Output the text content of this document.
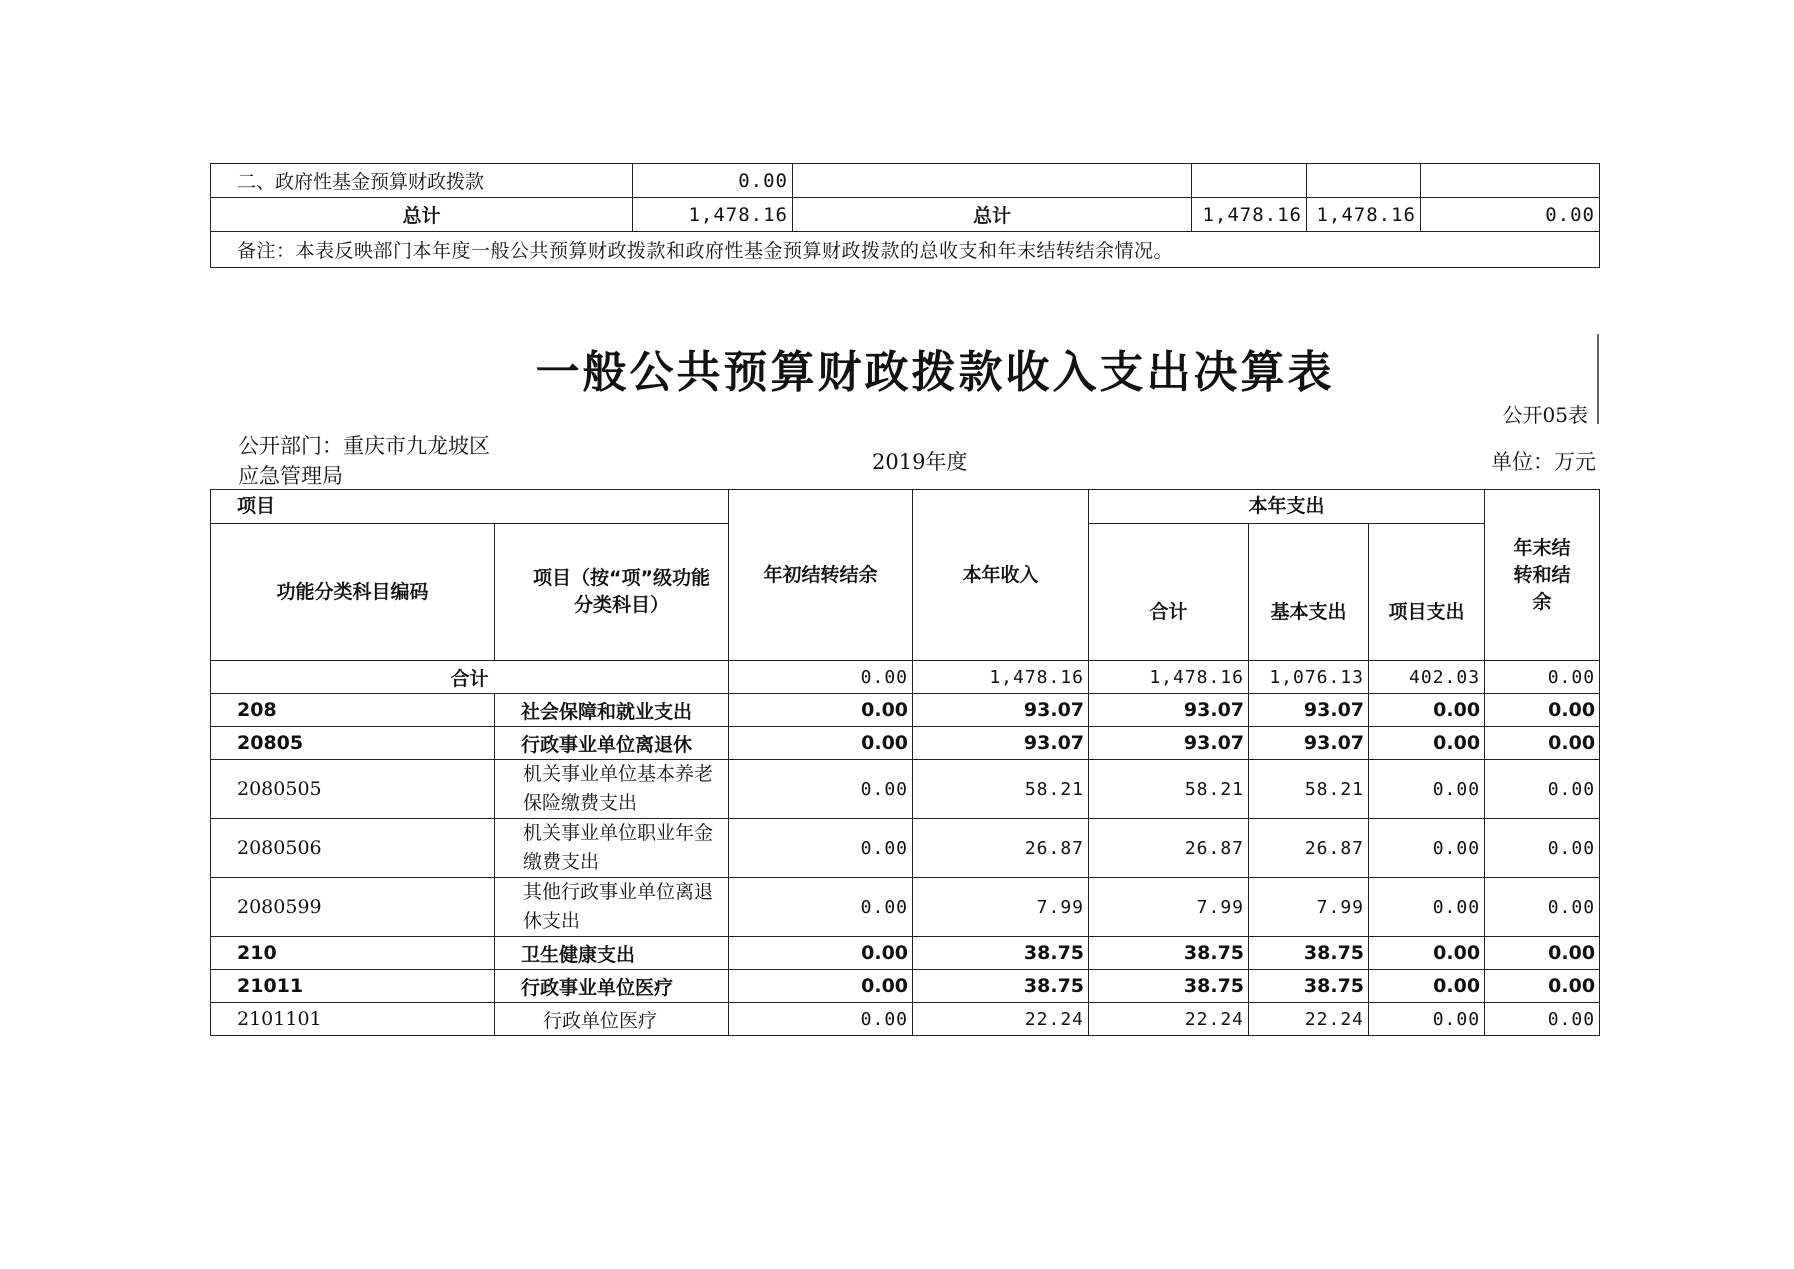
二、政府性基金预算财政拨款	0.00				
总计	1,478.16	总计	1,478.16	1,478.16	0.00
备注：本表反映部门本年度一般公共预算财政拨款和政府性基金预算财政拨款的总收支和年末结转结余情况。					
一般公共预算财政拨款收入支出决算表
公开05表
公开部门：重庆市九龙坡区应急管理局
2019年度	单位：万元
项目		年初结转结余	本年收入	本年支出			年末结转和结余
功能分类科目编码	项目（按“项”级功能分类科目）			合计	基本支出	项目支出	
合计		0.00	1,478.16	1,478.16	1,076.13	402.03	0.00
208	社会保障和就业支出	0.00	93.07	93.07	93.07	0.00	0.00
20805	行政事业单位离退休	0.00	93.07	93.07	93.07	0.00	0.00
2080505	机关事业单位基本养老保险缴费支出	0.00	58.21	58.21	58.21	0.00	0.00
2080506	机关事业单位职业年金缴费支出	0.00	26.87	26.87	26.87	0.00	0.00
2080599	其他行政事业单位离退休支出	0.00	7.99	7.99	7.99	0.00	0.00
210	卫生健康支出	0.00	38.75	38.75	38.75	0.00	0.00
21011	行政事业单位医疗	0.00	38.75	38.75	38.75	0.00	0.00
2101101	行政单位医疗	0.00	22.24	22.24	22.24	0.00	0.00
